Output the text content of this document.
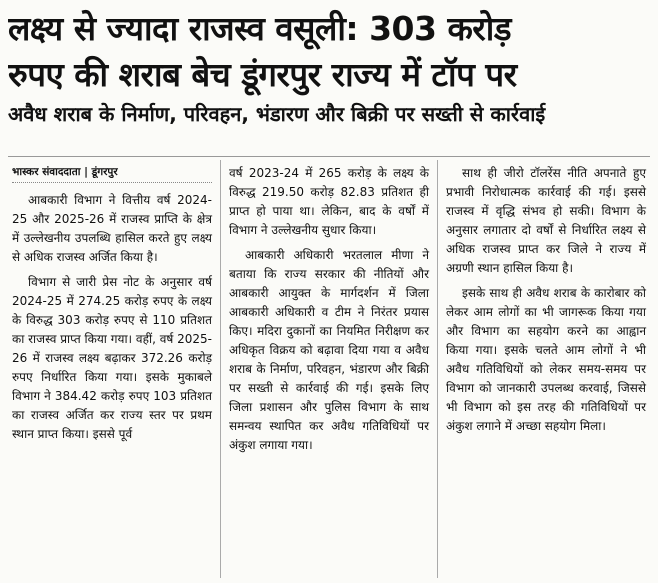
लक्ष्य से ज्यादा राजस्व वसूली: 303 करोड़
रुपए की शराब बेच डूंगरपुर राज्य में टॉप पर
अवैध शराब के निर्माण, परिवहन, भंडारण और बिक्री पर सख्ती से कार्रवाई
भास्कर संवाददाता | डूंगरपुर

आबकारी विभाग ने वित्तीय वर्ष 2024-25 और 2025-26 में राजस्व प्राप्ति के क्षेत्र में उल्लेखनीय उपलब्धि हासिल करते हुए लक्ष्य से अधिक राजस्व अर्जित किया है।

विभाग से जारी प्रेस नोट के अनुसार वर्ष 2024-25 में 274.25 करोड़ रुपए के लक्ष्य के विरुद्ध 303 करोड़ रुपए से 110 प्रतिशत का राजस्व प्राप्त किया गया। वहीं, वर्ष 2025-26 में राजस्व लक्ष्य बढ़ाकर 372.26 करोड़ रुपए निर्धारित किया गया। इसके मुकाबले विभाग ने 384.42 करोड़ रुपए 103 प्रतिशत का राजस्व अर्जित कर राज्य स्तर पर प्रथम स्थान प्राप्त किया। इससे पूर्व

वर्ष 2023-24 में 265 करोड़ के लक्ष्य के विरुद्ध 219.50 करोड़ 82.83 प्रतिशत ही प्राप्त हो पाया था। लेकिन, बाद के वर्षों में विभाग ने उल्लेखनीय सुधार किया।

आबकारी अधिकारी भरतलाल मीणा ने बताया कि राज्य सरकार की नीतियों और आबकारी आयुक्त के मार्गदर्शन में जिला आबकारी अधिकारी व टीम ने निरंतर प्रयास किए। मदिरा दुकानों का नियमित निरीक्षण कर अधिकृत विक्रय को बढ़ावा दिया गया व अवैध शराब के निर्माण, परिवहन, भंडारण और बिक्री पर सख्ती से कार्रवाई की गई। इसके लिए जिला प्रशासन और पुलिस विभाग के साथ समन्वय स्थापित कर अवैध गतिविधियों पर अंकुश लगाया गया।

साथ ही जीरो टॉलरेंस नीति अपनाते हुए प्रभावी निरोधात्मक कार्रवाई की गई। इससे राजस्व में वृद्धि संभव हो सकी। विभाग के अनुसार लगातार दो वर्षों से निर्धारित लक्ष्य से अधिक राजस्व प्राप्त कर जिले ने राज्य में अग्रणी स्थान हासिल किया है।

इसके साथ ही अवैध शराब के कारोबार को लेकर आम लोगों का भी जागरूक किया गया और विभाग का सहयोग करने का आह्वान किया गया। इसके चलते आम लोगों ने भी अवैध गतिविधियों को लेकर समय-समय पर विभाग को जानकारी उपलब्ध करवाई, जिससे भी विभाग को इस तरह की गतिविधियों पर अंकुश लगाने में अच्छा सहयोग मिला।
